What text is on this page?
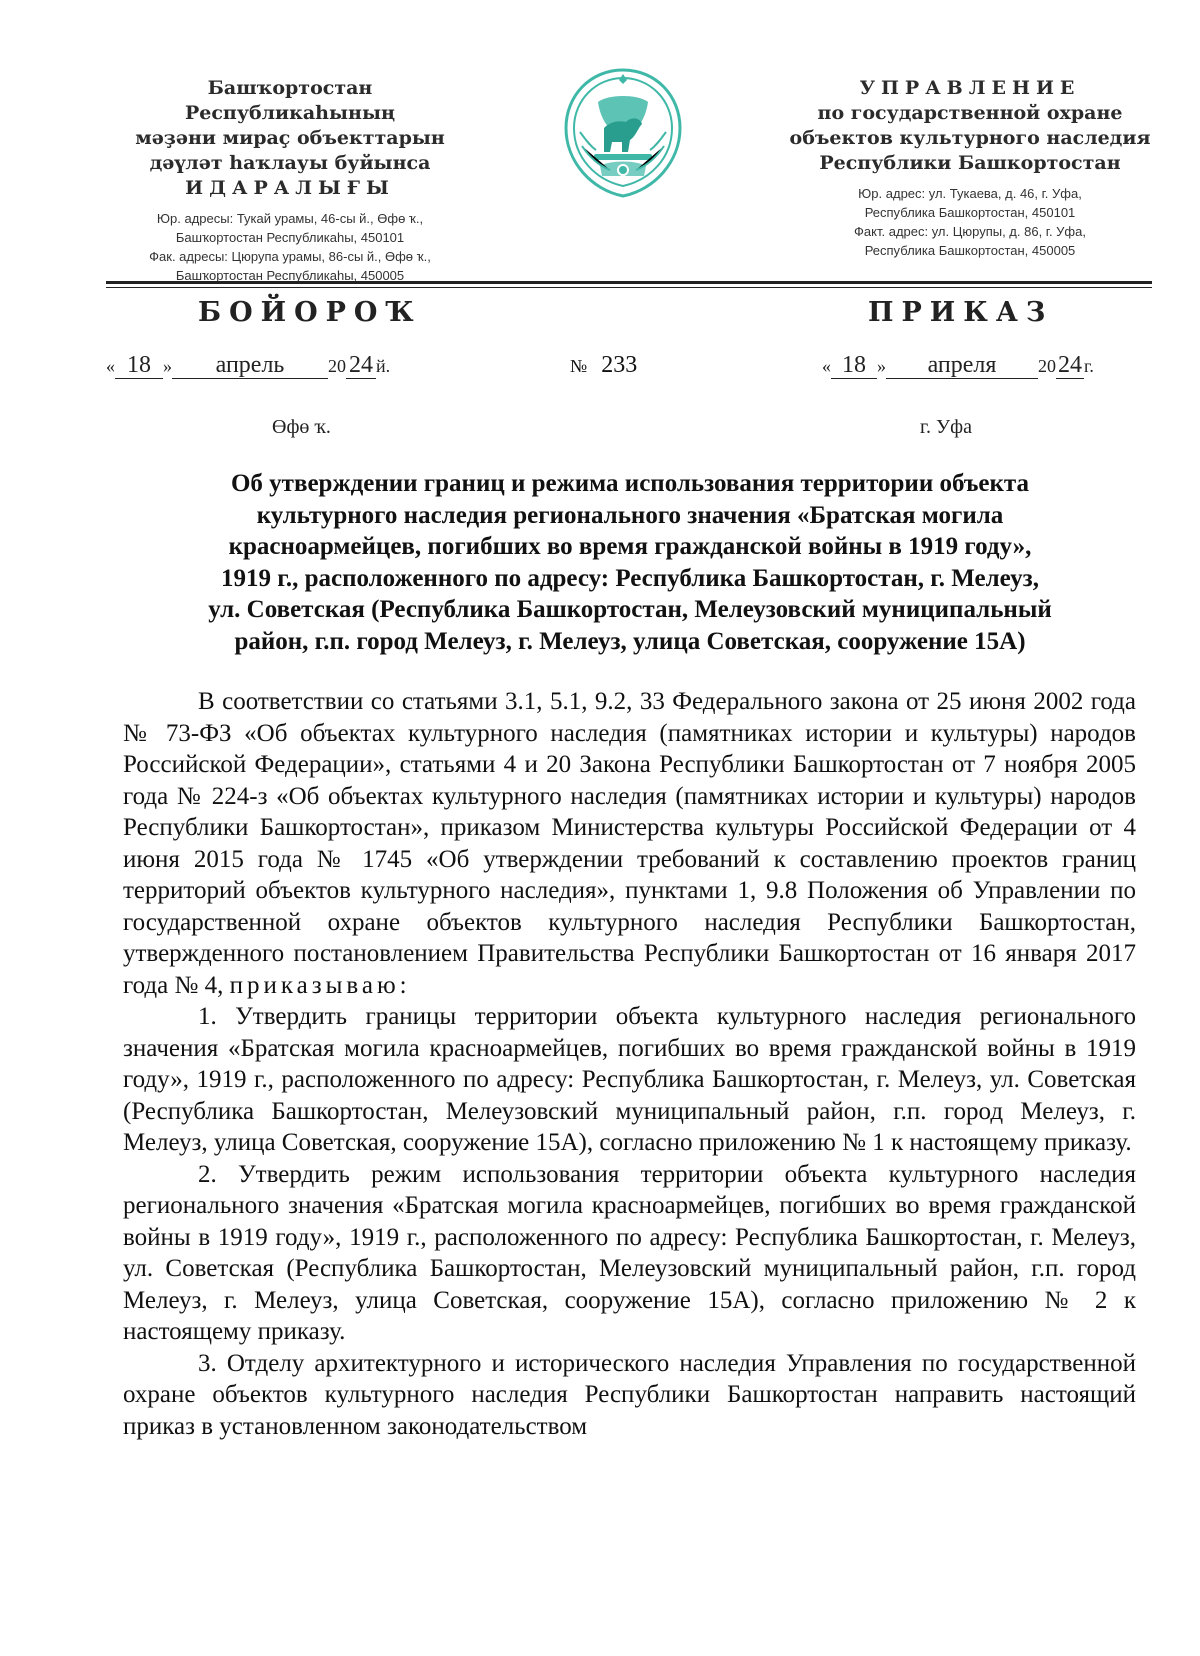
Башҡортостан Республикаһының
мәҙәни мираҫ объекттарын
дәүләт һаҡлауы буйынса
ИДАРАЛЫҒЫ
Юр. адресы: Тукай урамы, 46-сы й., Өфө ҡ.,
Башҡортостан Республикаһы, 450101
Фак. адресы: Цюрупа урамы, 86-сы й., Өфө ҡ.,
Башҡортостан Республикаһы, 450005
УПРАВЛЕНИЕ
по государственной охране
объектов культурного наследия
Республики Башкортостан
Юр. адрес: ул. Тукаева, д. 46, г. Уфа,
Республика Башкортостан, 450101
Факт. адрес: ул. Цюрупы, д. 86, г. Уфа,
Республика Башкортостан, 450005
БОЙОРОҠ	ПРИКАЗ
« 18 » апрель 20 24 й.	№ 233	« 18 » апреля 2024 г.
Өфө ҡ.	г. Уфа
Об утверждении границ и режима использования территории объекта
культурного наследия регионального значения «Братская могила
красноармейцев, погибших во время гражданской войны в 1919 году»,
1919 г., расположенного по адресу: Республика Башкортостан, г. Мелеуз,
ул. Советская (Республика Башкортостан, Мелеузовский муниципальный
район, г.п. город Мелеуз, г. Мелеуз, улица Советская, сооружение 15А)

В соответствии со статьями 3.1, 5.1, 9.2, 33 Федерального закона от 25 июня 2002 года № 73-ФЗ «Об объектах культурного наследия (памятниках истории и культуры) народов Российской Федерации», статьями 4 и 20 Закона Республики Башкортостан от 7 ноября 2005 года № 224-з «Об объектах культурного наследия (памятниках истории и культуры) народов Республики Башкортостан», приказом Министерства культуры Российской Федерации от 4 июня 2015 года № 1745 «Об утверждении требований к составлению проектов границ территорий объектов культурного наследия», пунктами 1, 9.8 Положения об Управлении по государственной охране объектов культурного наследия Республики Башкортостан, утвержденного постановлением Правительства Республики Башкортостан от 16 января 2017 года № 4, приказываю:

1. Утвердить границы территории объекта культурного наследия регионального значения «Братская могила красноармейцев, погибших во время гражданской войны в 1919 году», 1919 г., расположенного по адресу: Республика Башкортостан, г. Мелеуз, ул. Советская (Республика Башкортостан, Мелеузовский муниципальный район, г.п. город Мелеуз, г. Мелеуз, улица Советская, сооружение 15А), согласно приложению № 1 к настоящему приказу.

2. Утвердить режим использования территории объекта культурного наследия регионального значения «Братская могила красноармейцев, погибших во время гражданской войны в 1919 году», 1919 г., расположенного по адресу: Республика Башкортостан, г. Мелеуз, ул. Советская (Республика Башкортостан, Мелеузовский муниципальный район, г.п. город Мелеуз, г. Мелеуз, улица Советская, сооружение 15А), согласно приложению № 2 к настоящему приказу.

3. Отделу архитектурного и исторического наследия Управления по государственной охране объектов культурного наследия Республики Башкортостан направить настоящий приказ в установленном законодательством
